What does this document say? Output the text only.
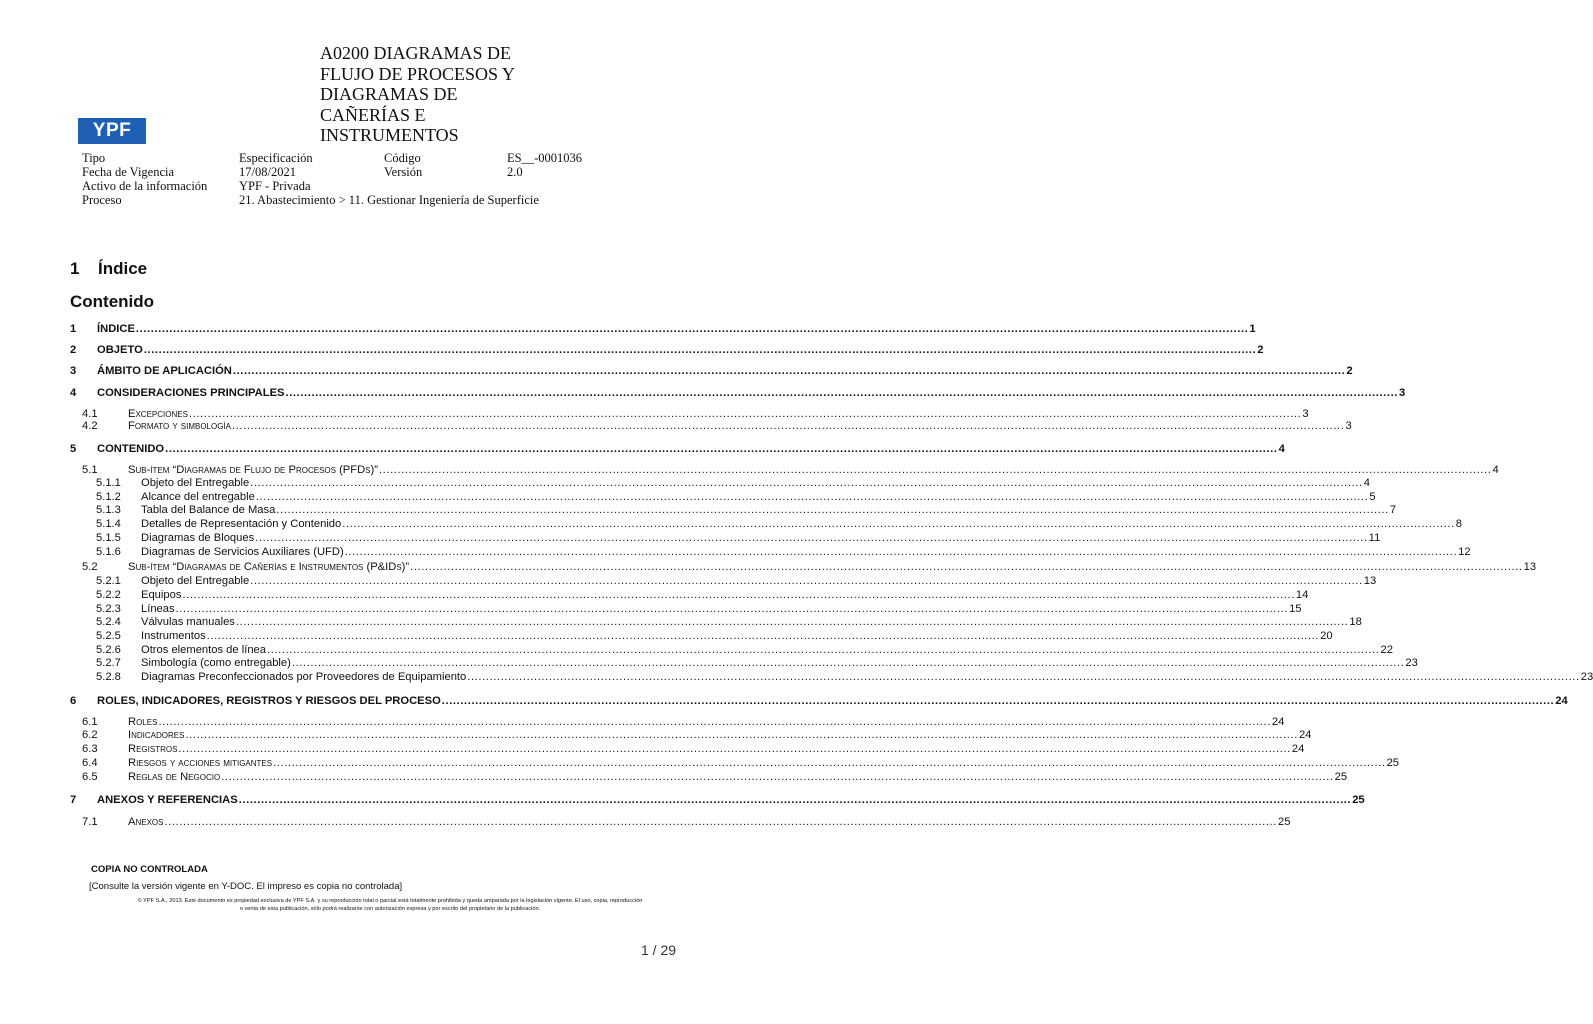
YPF
A0200 DIAGRAMAS DE
FLUJO DE PROCESOS Y
DIAGRAMAS DE
CAÑERÍAS E
INSTRUMENTOS
Tipo	Especificación	Código	ES__-0001036
Fecha de Vigencia	17/08/2021	Versión	2.0
Activo de la información	YPF - Privada
Proceso	21. Abastecimiento > 11. Gestionar Ingeniería de Superficie
1 Índice
Contenido
1 ÍNDICE ............................................................................................................................................................................................................................................................................................................ 1
2 OBJETO ............................................................................................................................................................................................................................................................................................................ 2
3 ÁMBITO DE APLICACIÓN ............................................................................................................................................................................................................................................................................................................ 2
4 CONSIDERACIONES PRINCIPALES ............................................................................................................................................................................................................................................................................................................ 3
4.1	Excepciones ............................................................................................................................................................................................................................................................................................................ 3
4.2	Formato y simbología ............................................................................................................................................................................................................................................................................................................ 3
5 CONTENIDO ............................................................................................................................................................................................................................................................................................................ 4
5.1	Sub-ítem “Diagramas de Flujo de Procesos (PFDs)” ............................................................................................................................................................................................................................................................................................................ 4
5.1.1 Objeto del Entregable ............................................................................................................................................................................................................................................................................................................ 4
5.1.2 Alcance del entregable ............................................................................................................................................................................................................................................................................................................ 5
5.1.3 Tabla del Balance de Masa ............................................................................................................................................................................................................................................................................................................ 7
5.1.4 Detalles de Representación y Contenido ............................................................................................................................................................................................................................................................................................................ 8
5.1.5 Diagramas de Bloques ............................................................................................................................................................................................................................................................................................................ 11
5.1.6 Diagramas de Servicios Auxiliares (UFD) ............................................................................................................................................................................................................................................................................................................ 12
5.2	Sub-ítem “Diagramas de Cañerías e Instrumentos (P&IDs)” ............................................................................................................................................................................................................................................................................................................ 13
5.2.1 Objeto del Entregable ............................................................................................................................................................................................................................................................................................................ 13
5.2.2 Equipos ............................................................................................................................................................................................................................................................................................................ 14
5.2.3 Líneas ............................................................................................................................................................................................................................................................................................................ 15
5.2.4 Válvulas manuales ............................................................................................................................................................................................................................................................................................................ 18
5.2.5 Instrumentos ............................................................................................................................................................................................................................................................................................................ 20
5.2.6 Otros elementos de línea ............................................................................................................................................................................................................................................................................................................ 22
5.2.7 Simbología (como entregable) ............................................................................................................................................................................................................................................................................................................ 23
5.2.8 Diagramas Preconfeccionados por Proveedores de Equipamiento ............................................................................................................................................................................................................................................................................................................ 23
6 ROLES, INDICADORES, REGISTROS Y RIESGOS DEL PROCESO ............................................................................................................................................................................................................................................................................................................ 24
6.1	Roles ............................................................................................................................................................................................................................................................................................................ 24
6.2	Indicadores ............................................................................................................................................................................................................................................................................................................ 24
6.3	Registros ............................................................................................................................................................................................................................................................................................................ 24
6.4	Riesgos y acciones mitigantes ............................................................................................................................................................................................................................................................................................................ 25
6.5	Reglas de Negocio ............................................................................................................................................................................................................................................................................................................ 25
7 ANEXOS Y REFERENCIAS ............................................................................................................................................................................................................................................................................................................ 25
7.1	Anexos ............................................................................................................................................................................................................................................................................................................ 25
COPIA NO CONTROLADA
[Consulte la versión vigente en Y-DOC. El impreso es copia no controlada]
© YPF S.A., 2013. Este documento es propiedad exclusiva de YPF S.A. y su reproducción total o parcial está totalmente prohibida y queda amparada por la legislación vigente. El uso, copia, reproducción
o venta de esta publicación, sólo podrá realizarse con autorización expresa y por escrito del propietario de la publicación.
1 / 29
